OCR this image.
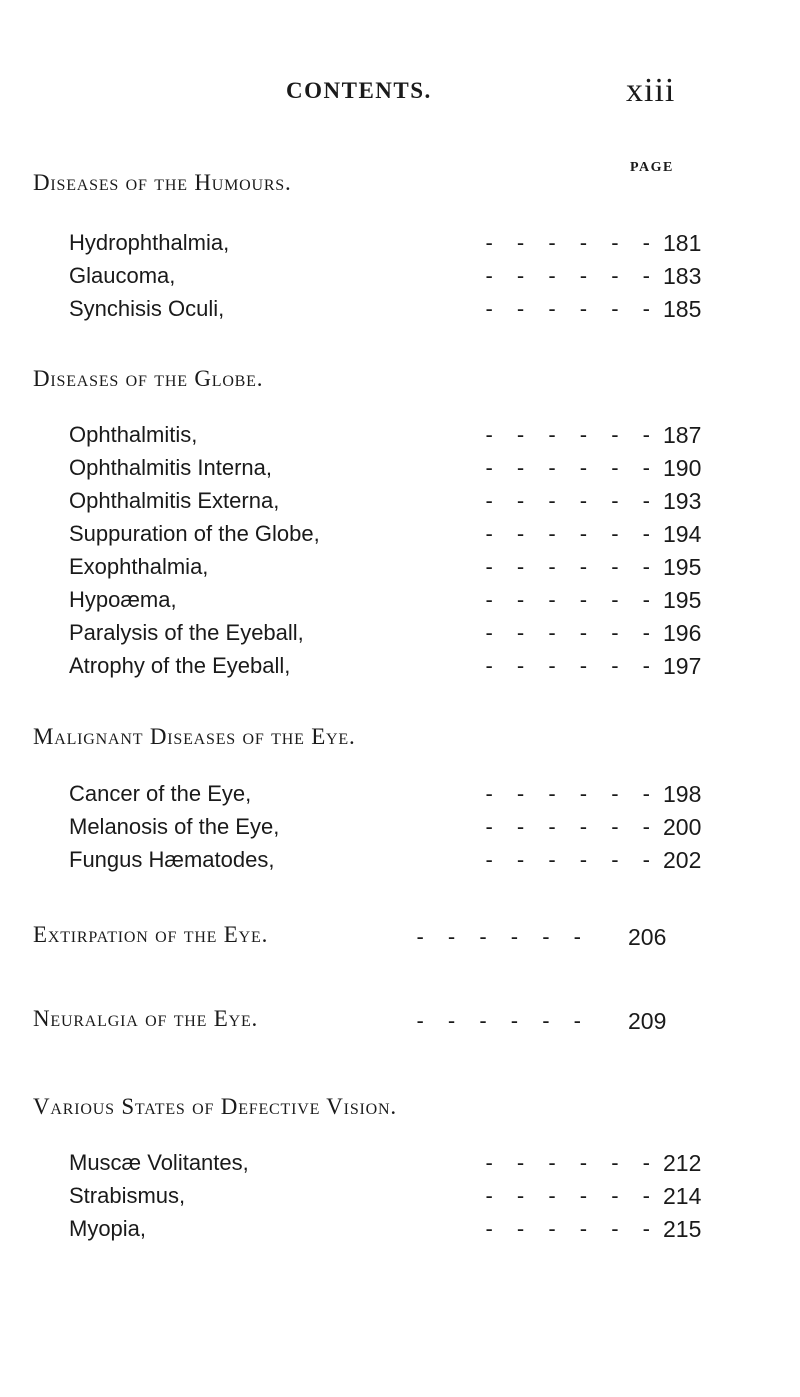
CONTENTS.	xiii
PAGE
Diseases of the Humours.
Hydrophthalmia,	- - - - - - 181
Glaucoma,	- - - - - - 183
Synchisis Oculi,	- - - - - - 185
Diseases of the Globe.
Ophthalmitis,	- - - - - - 187
Ophthalmitis Interna,	- - - - - - 190
Ophthalmitis Externa,	- - - - - - 193
Suppuration of the Globe,	- - - - - - 194
Exophthalmia,	- - - - - - 195
Hypoæma,	- - - - - - 195
Paralysis of the Eyeball,	- - - - - - 196
Atrophy of the Eyeball,	- - - - - - 197
Malignant Diseases of the Eye.
Cancer of the Eye,	- - - - - - 198
Melanosis of the Eye,	- - - - - - 200
Fungus Hæmatodes,	- - - - - - 202
Extirpation of the Eye.	- - - - - - 206
Neuralgia of the Eye.	- - - - - - 209
Various States of Defective Vision.
Muscæ Volitantes,	- - - - - - 212
Strabismus,	- - - - - - 214
Myopia,	- - - - - - 215
